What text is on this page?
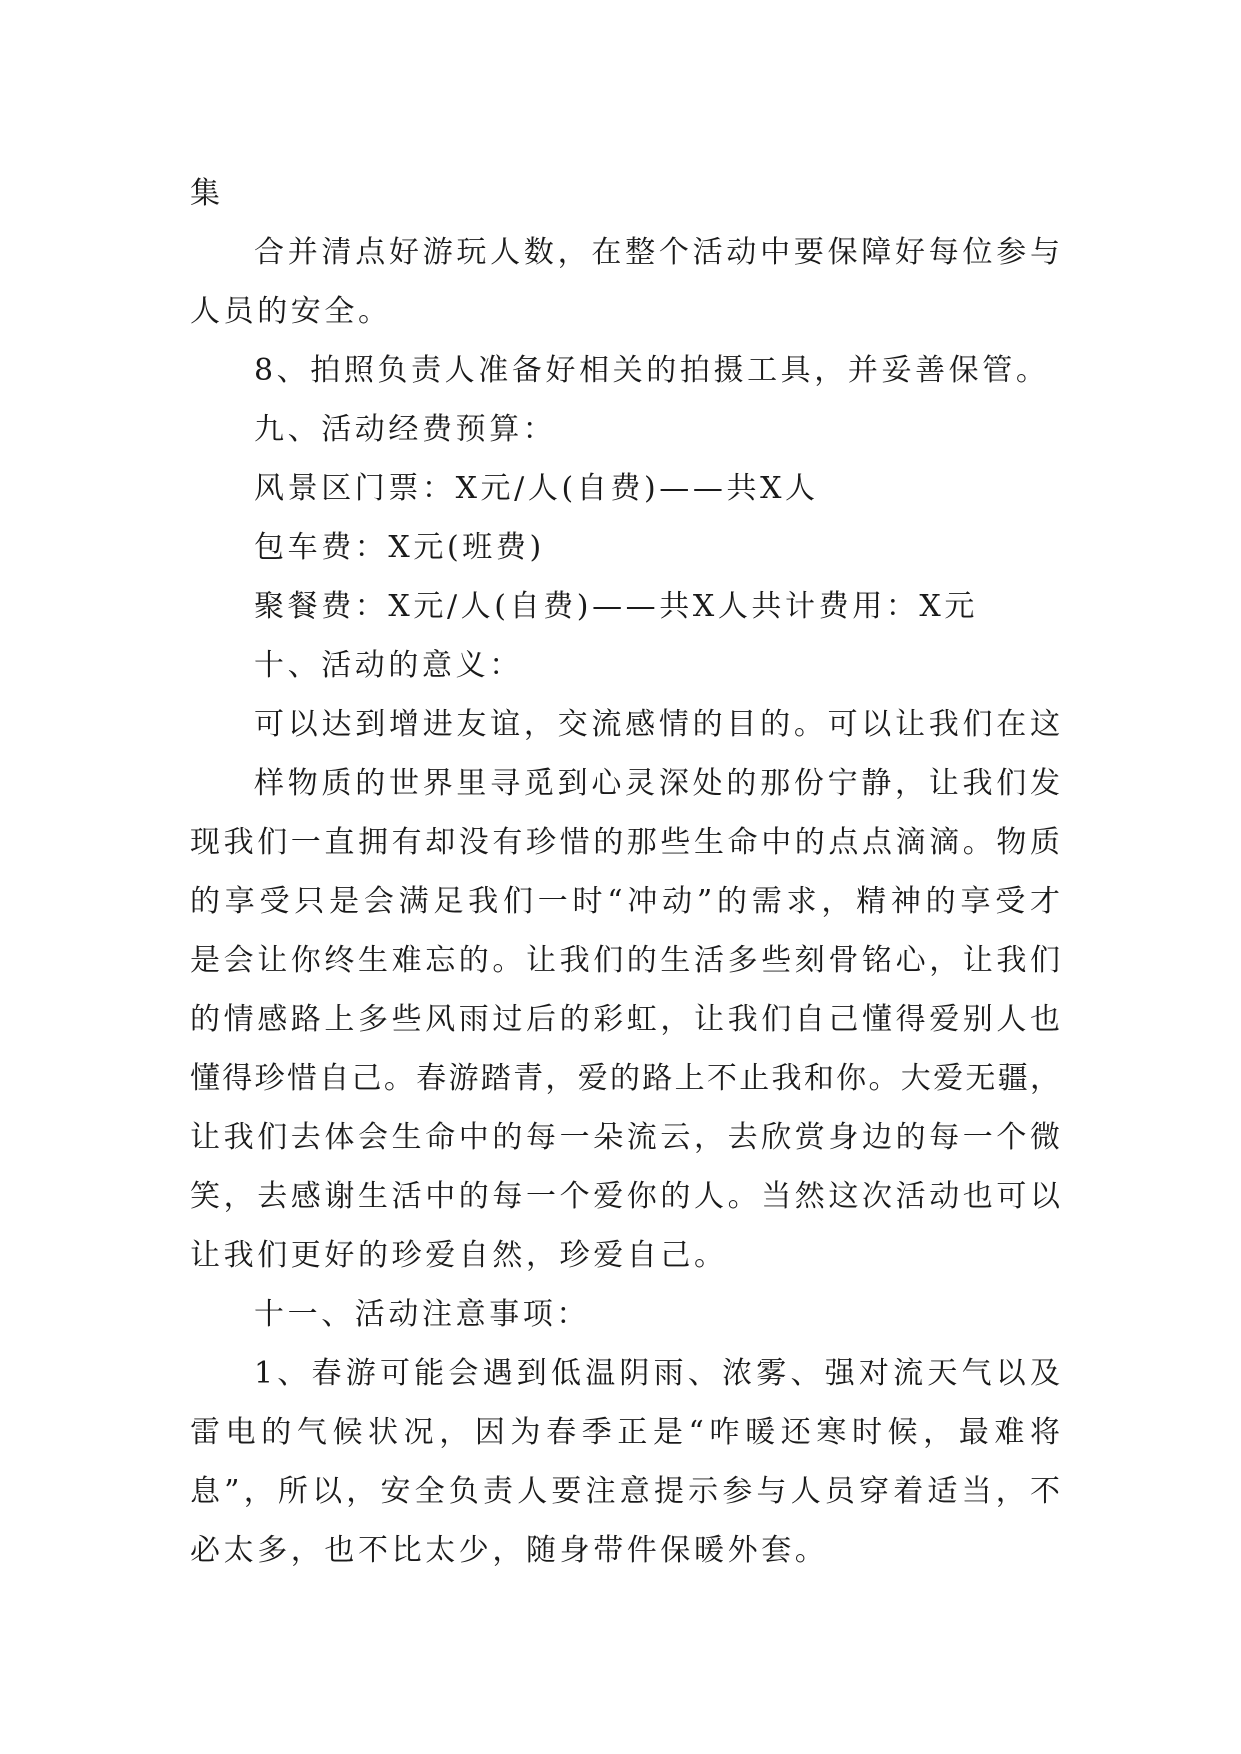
集
合并清点好游玩人数，在整个活动中要保障好每位参与
人员的安全。
8、拍照负责人准备好相关的拍摄工具，并妥善保管。
九、活动经费预算：
风景区门票：X元/人(自费)——共X人
包车费：X元(班费)
聚餐费：X元/人(自费)——共X人共计费用：X元
十、活动的意义：
可以达到增进友谊，交流感情的目的。可以让我们在这
样物质的世界里寻觅到心灵深处的那份宁静，让我们发
现我们一直拥有却没有珍惜的那些生命中的点点滴滴。物质
的享受只是会满足我们一时“冲动”的需求，精神的享受才
是会让你终生难忘的。让我们的生活多些刻骨铭心，让我们
的情感路上多些风雨过后的彩虹，让我们自己懂得爱别人也
懂得珍惜自己。春游踏青，爱的路上不止我和你。大爱无疆，
让我们去体会生命中的每一朵流云，去欣赏身边的每一个微
笑，去感谢生活中的每一个爱你的人。当然这次活动也可以
让我们更好的珍爱自然，珍爱自己。
十一、活动注意事项：
1、春游可能会遇到低温阴雨、浓雾、强对流天气以及
雷电的气候状况，因为春季正是“咋暖还寒时候，最难将
息”，所以，安全负责人要注意提示参与人员穿着适当，不
必太多，也不比太少，随身带件保暖外套。
